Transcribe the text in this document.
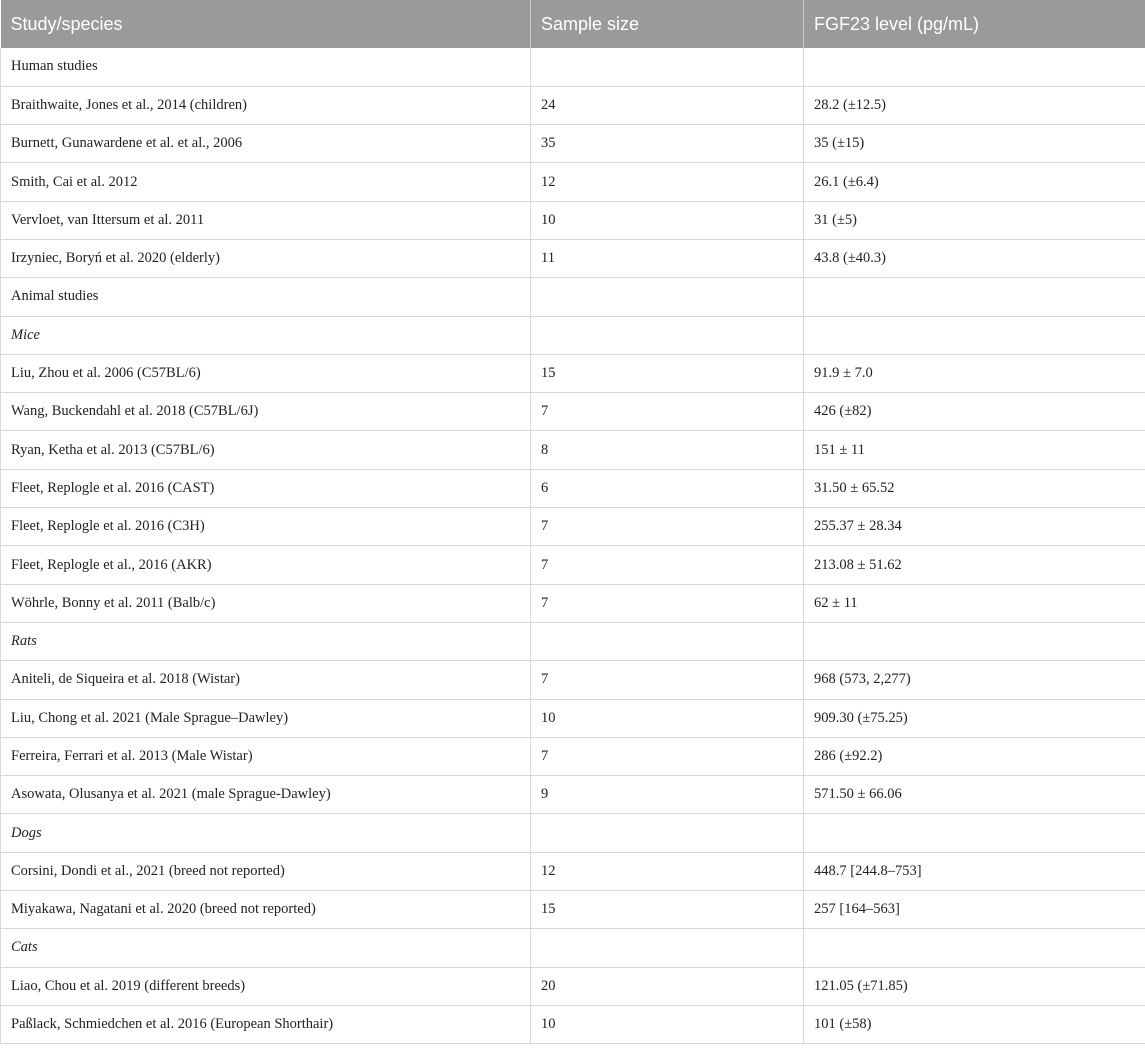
Study/species	Sample size	FGF23 level (pg/mL)
Human studies		
Braithwaite, Jones et al., 2014 (children)	24	28.2 (±12.5)
Burnett, Gunawardene et al. et al., 2006	35	35 (±15)
Smith, Cai et al. 2012	12	26.1 (±6.4)
Vervloet, van Ittersum et al. 2011	10	31 (±5)
Irzyniec, Boryń et al. 2020 (elderly)	11	43.8 (±40.3)
Animal studies		
Mice		
Liu, Zhou et al. 2006 (C57BL/6)	15	91.9 ± 7.0
Wang, Buckendahl et al. 2018 (C57BL/6J)	7	426 (±82)
Ryan, Ketha et al. 2013 (C57BL/6)	8	151 ± 11
Fleet, Replogle et al. 2016 (CAST)	6	31.50 ± 65.52
Fleet, Replogle et al. 2016 (C3H)	7	255.37 ± 28.34
Fleet, Replogle et al., 2016 (AKR)	7	213.08 ± 51.62
Wöhrle, Bonny et al. 2011 (Balb/c)	7	62 ± 11
Rats		
Aniteli, de Siqueira et al. 2018 (Wistar)	7	968 (573, 2,277)
Liu, Chong et al. 2021 (Male Sprague–Dawley)	10	909.30 (±75.25)
Ferreira, Ferrari et al. 2013 (Male Wistar)	7	286 (±92.2)
Asowata, Olusanya et al. 2021 (male Sprague-Dawley)	9	571.50 ± 66.06
Dogs		
Corsini, Dondi et al., 2021 (breed not reported)	12	448.7 [244.8–753]
Miyakawa, Nagatani et al. 2020 (breed not reported)	15	257 [164–563]
Cats		
Liao, Chou et al. 2019 (different breeds)	20	121.05 (±71.85)
Paßlack, Schmiedchen et al. 2016 (European Shorthair)	10	101 (±58)
